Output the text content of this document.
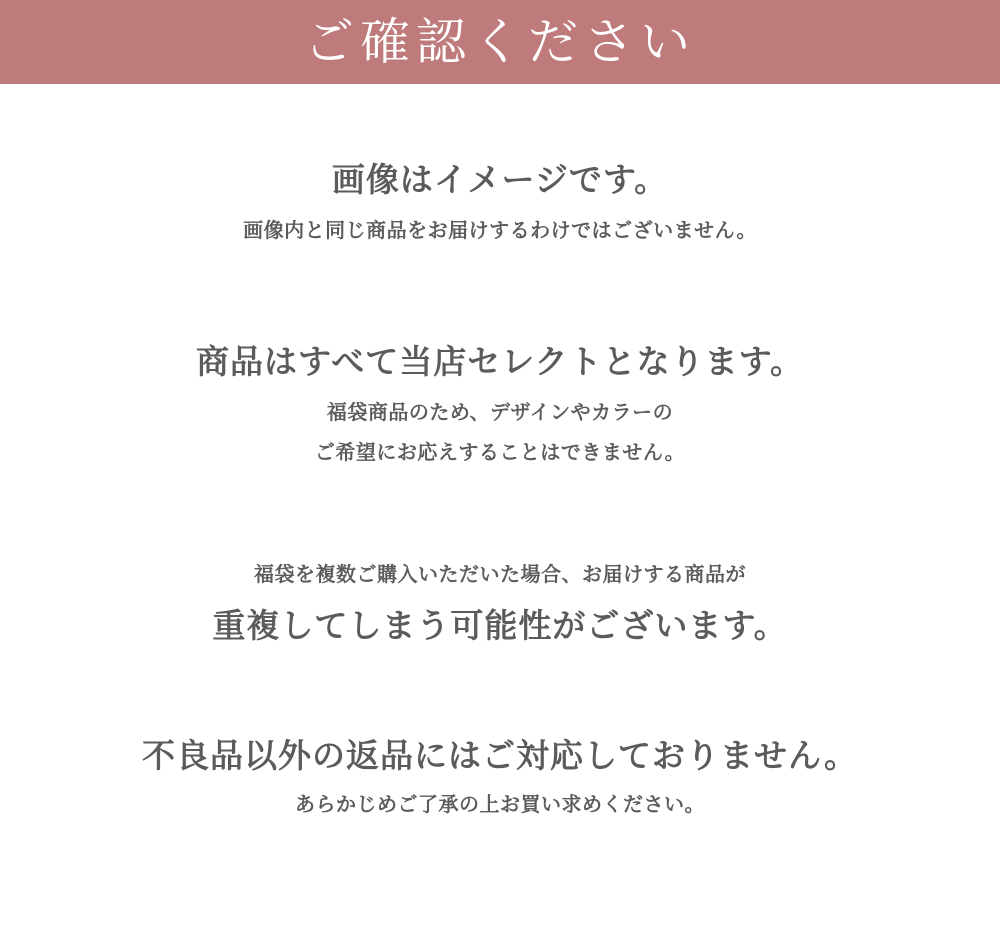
ご確認ください
画像はイメージです。
画像内と同じ商品をお届けするわけではございません。
商品はすべて当店セレクトとなります。
福袋商品のため、デザインやカラーの
ご希望にお応えすることはできません。
福袋を複数ご購入いただいた場合、お届けする商品が
重複してしまう可能性がございます。
不良品以外の返品にはご対応しておりません。
あらかじめご了承の上お買い求めください。
